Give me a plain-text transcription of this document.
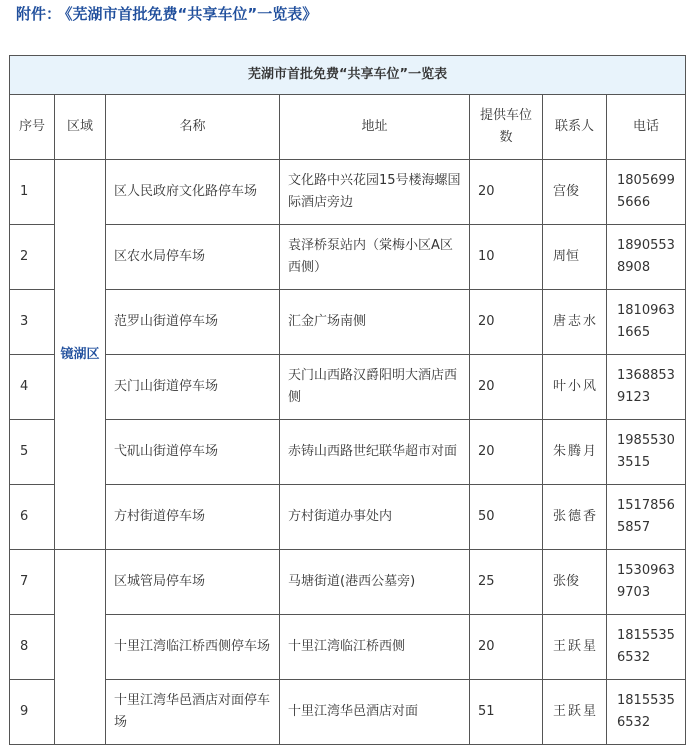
附件： 《芜湖市首批免费“共享车位”一览表》
芜湖市首批免费“共享车位”一览表						
序号	区域	名称	地址	提供车位数	联系人	电话
1	镜湖区	区人民政府文化路停车场	文化路中兴花园15号楼海螺国际酒店旁边	20	宫俊	18056995666
2		区农水局停车场	袁泽桥泵站内（棠梅小区A区西侧）	10	周恒	18905538908
3		范罗山街道停车场	汇金广场南侧	20	唐志水	18109631665
4		天门山街道停车场	天门山西路汉爵阳明大酒店西侧	20	叶小风	13688539123
5		弋矶山街道停车场	赤铸山西路世纪联华超市对面	20	朱腾月	19855303515
6		方村街道停车场	方村街道办事处内	50	张德香	15178565857
7		区城管局停车场	马塘街道(港西公墓旁)	25	张俊	15309639703
8		十里江湾临江桥西侧停车场	十里江湾临江桥西侧	20	王跃星	18155356532
9		十里江湾华邑酒店对面停车场	十里江湾华邑酒店对面	51	王跃星	18155356532
